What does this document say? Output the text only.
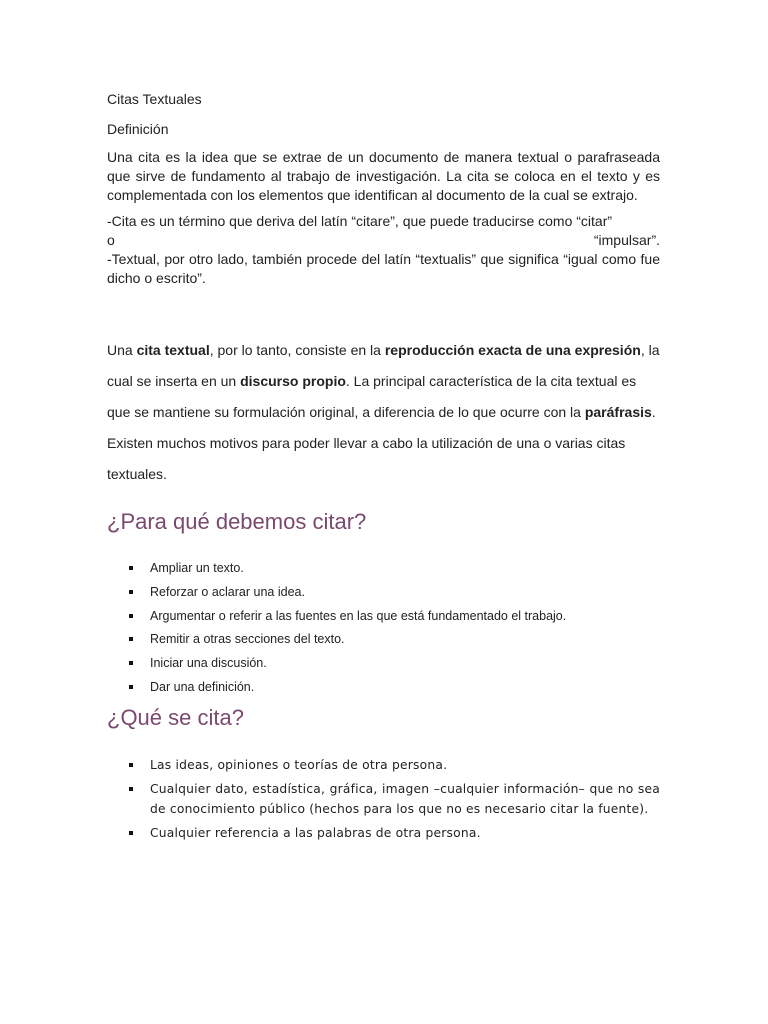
Citas Textuales

Definición

Una cita es la idea que se extrae de un documento de manera textual o parafraseada que sirve de fundamento al trabajo de investigación. La cita se coloca en el texto y es complementada con los elementos que identifican al documento de la cual se extrajo.

-Cita es un término que deriva del latín “citare”, que puede traducirse como “citar”

o	“impulsar”.

-Textual, por otro lado, también procede del latín “textualis” que significa “igual como fue dicho o escrito”.

Una cita textual, por lo tanto, consiste en la reproducción exacta de una expresión, la cual se inserta en un discurso propio. La principal característica de la cita textual es que se mantiene su formulación original, a diferencia de lo que ocurre con la paráfrasis.

Existen muchos motivos para poder llevar a cabo la utilización de una o varias citas textuales.

¿Para qué debemos citar?
Ampliar un texto.
Reforzar o aclarar una idea.
Argumentar o referir a las fuentes en las que está fundamentado el trabajo.
Remitir a otras secciones del texto.
Iniciar una discusión.
Dar una definición.
¿Qué se cita?
Las ideas, opiniones o teorías de otra persona.
Cualquier dato, estadística, gráfica, imagen –cualquier información– que no sea de conocimiento público (hechos para los que no es necesario citar la fuente).
Cualquier referencia a las palabras de otra persona.
